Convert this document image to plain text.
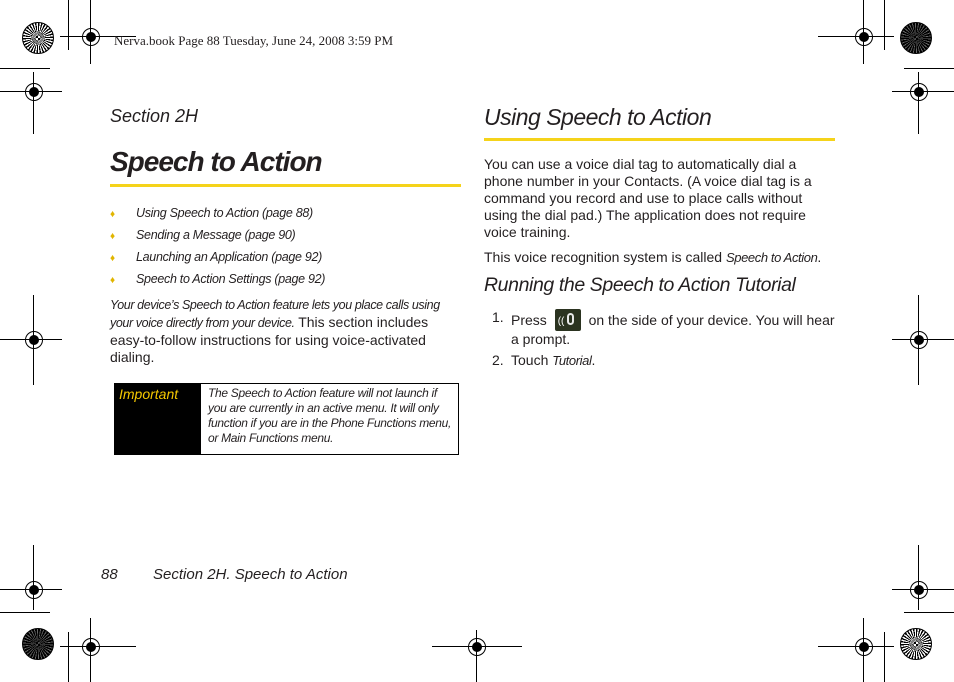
Nerva.book Page 88 Tuesday, June 24, 2008 3:59 PM
Section 2H
Speech to Action
♦ Using Speech to Action (page 88)
♦ Sending a Message (page 90)
♦ Launching an Application (page 92)
♦ Speech to Action Settings (page 92)
Your device’s Speech to Action feature lets you place calls using your voice directly from your device. This section includes easy-to-follow instructions for using voice-activated dialing.
Important	The Speech to Action feature will not launch if you are currently in an active menu. It will only function if you are in the Phone Functions menu, or Main Functions menu.
88 Section 2H. Speech to Action
Using Speech to Action
You can use a voice dial tag to automatically dial a phone number in your Contacts. (A voice dial tag is a command you record and use to place calls without using the dial pad.) The application does not require voice training.
This voice recognition system is called Speech to Action.
Running the Speech to Action Tutorial
1. Press (( on the side of your device. You will hear a prompt.
2. Touch Tutorial.
